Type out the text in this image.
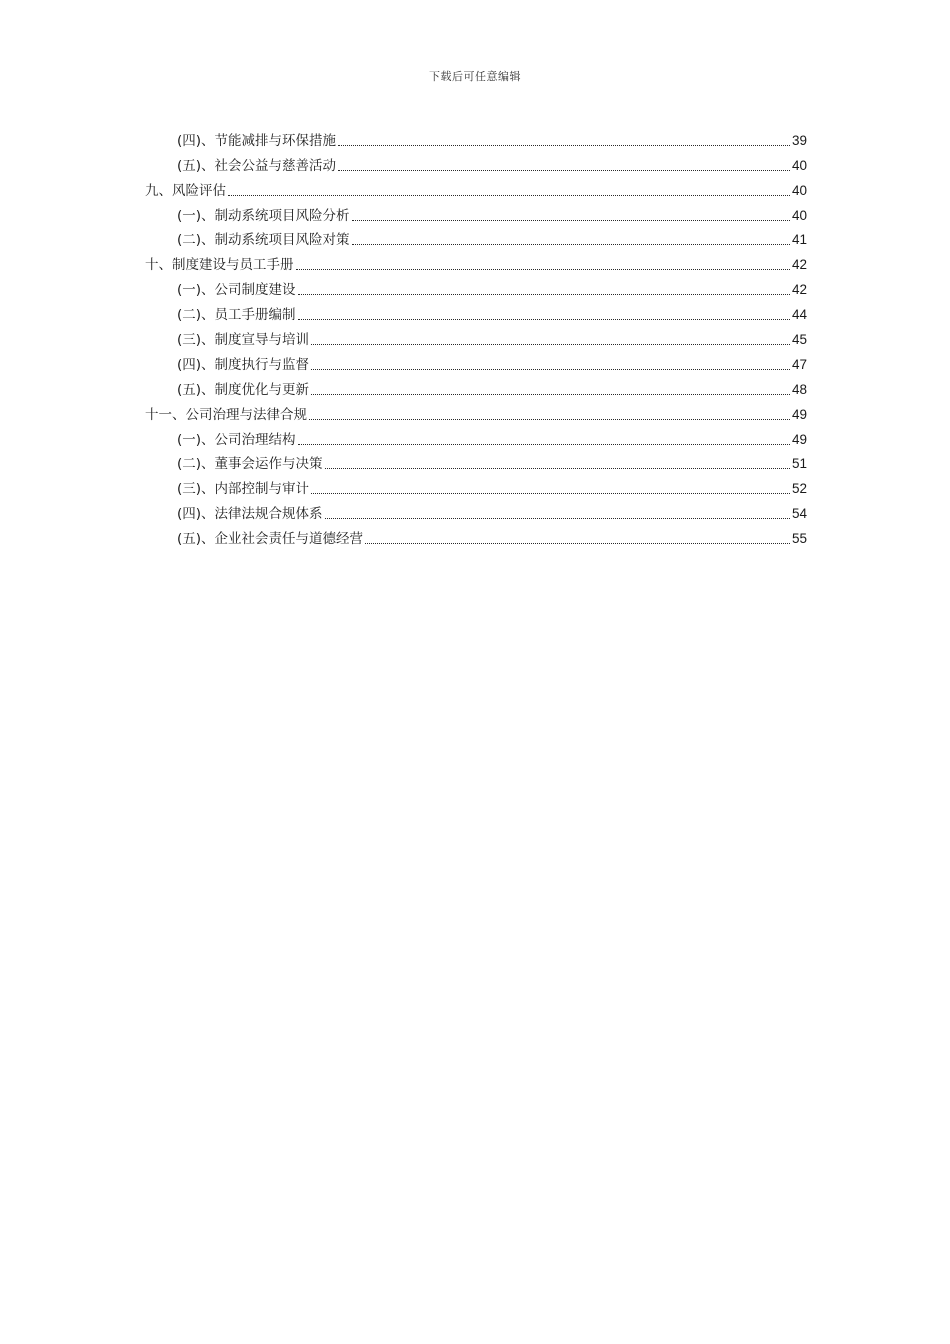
下载后可任意编辑
(四)、节能减排与环保措施	39
(五)、社会公益与慈善活动	40
九、风险评估	40
(一)、制动系统项目风险分析	40
(二)、制动系统项目风险对策	41
十、制度建设与员工手册	42
(一)、公司制度建设	42
(二)、员工手册编制	44
(三)、制度宣导与培训	45
(四)、制度执行与监督	47
(五)、制度优化与更新	48
十一、公司治理与法律合规	49
(一)、公司治理结构	49
(二)、董事会运作与决策	51
(三)、内部控制与审计	52
(四)、法律法规合规体系	54
(五)、企业社会责任与道德经营	55
